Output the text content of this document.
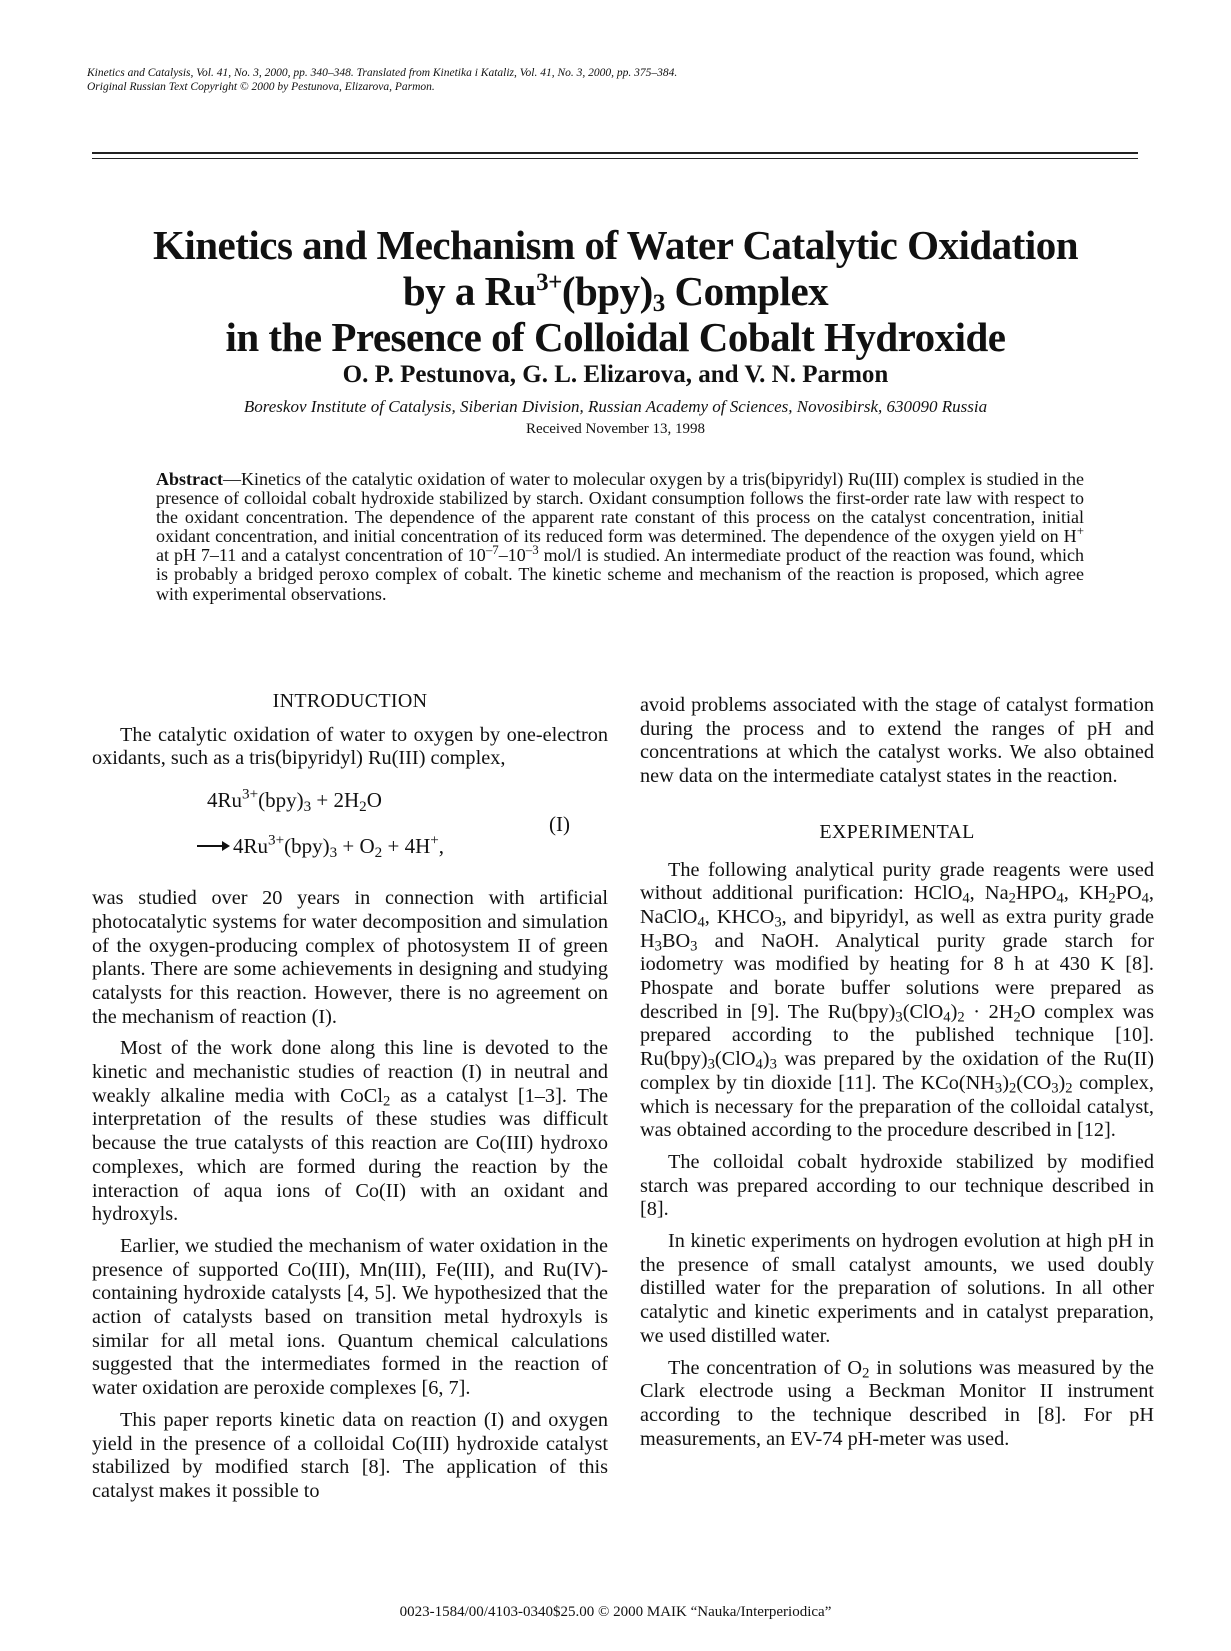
Kinetics and Catalysis, Vol. 41, No. 3, 2000, pp. 340–348. Translated from Kinetika i Kataliz, Vol. 41, No. 3, 2000, pp. 375–384.
Original Russian Text Copyright © 2000 by Pestunova, Elizarova, Parmon.
Kinetics and Mechanism of Water Catalytic Oxidation
by a $Ru^{3+}(bpy)_3$ Complex
in the Presence of Colloidal Cobalt Hydroxide
O. P. Pestunova, G. L. Elizarova, and V. N. Parmon
Boreskov Institute of Catalysis, Siberian Division, Russian Academy of Sciences, Novosibirsk, 630090 Russia
Received November 13, 1998
Abstract—Kinetics of the catalytic oxidation of water to molecular oxygen by a tris(bipyridyl) Ru(III) complex is studied in the presence of colloidal cobalt hydroxide stabilized by starch. Oxidant consumption follows the first-order rate law with respect to the oxidant concentration. The dependence of the apparent rate constant of this process on the catalyst concentration, initial oxidant concentration, and initial concentration of its reduced form was determined. The dependence of the oxygen yield on H+ at pH 7–11 and a catalyst concentration of $10^{-7}-10^{-3}$ mol/l is studied. An intermediate product of the reaction was found, which is probably a bridged peroxo complex of cobalt. The kinetic scheme and mechanism of the reaction is proposed, which agree with experimental observations.
INTRODUCTION

The catalytic oxidation of water to oxygen by one-electron oxidants, such as a tris(bipyridyl) Ru(III) complex,

$4Ru^{3+}(bpy)_3 + 2H_2O$
→ $4Ru^{3+}(bpy)_3 + O_2 + 4H^+$,
(I)

was studied over 20 years in connection with artificial photocatalytic systems for water decomposition and simulation of the oxygen-producing complex of photosystem II of green plants. There are some achievements in designing and studying catalysts for this reaction. However, there is no agreement on the mechanism of reaction (I).

Most of the work done along this line is devoted to the kinetic and mechanistic studies of reaction (I) in neutral and weakly alkaline media with CoCl$_2$ as a catalyst [1–3]. The interpretation of the results of these studies was difficult because the true catalysts of this reaction are Co(III) hydroxo complexes, which are formed during the reaction by the interaction of aqua ions of Co(II) with an oxidant and hydroxyls.

Earlier, we studied the mechanism of water oxidation in the presence of supported Co(III), Mn(III), Fe(III), and Ru(IV)-containing hydroxide catalysts [4, 5]. We hypothesized that the action of catalysts based on transition metal hydroxyls is similar for all metal ions. Quantum chemical calculations suggested that the intermediates formed in the reaction of water oxidation are peroxide complexes [6, 7].

This paper reports kinetic data on reaction (I) and oxygen yield in the presence of a colloidal Co(III) hydroxide catalyst stabilized by modified starch [8]. The application of this catalyst makes it possible to

avoid problems associated with the stage of catalyst formation during the process and to extend the ranges of pH and concentrations at which the catalyst works. We also obtained new data on the intermediate catalyst states in the reaction.

EXPERIMENTAL

The following analytical purity grade reagents were used without additional purification: HClO$_4$, $Na_2HPO_4$, $KH_2PO_4$, NaClO$_4$, $KHCO_3$, and bipyridyl, as well as extra purity grade $H_3BO_3$ and NaOH. Analytical purity grade starch for iodometry was modified by heating for 8 h at 430 K [8]. Phospate and borate buffer solutions were prepared as described in [9]. The $Ru(bpy)_3(ClO_4)_2 \cdot 2H_2O$ complex was prepared according to the published technique [10]. $Ru(bpy)_3(ClO_4)_3$ was prepared by the oxidation of the Ru(II) complex by tin dioxide [11]. The $KCo(NH_3)_2(CO_3)_2$ complex, which is necessary for the preparation of the colloidal catalyst, was obtained according to the procedure described in [12].

The colloidal cobalt hydroxide stabilized by modified starch was prepared according to our technique described in [8].

In kinetic experiments on hydrogen evolution at high pH in the presence of small catalyst amounts, we used doubly distilled water for the preparation of solutions. In all other catalytic and kinetic experiments and in catalyst preparation, we used distilled water.

The concentration of $O_2$ in solutions was measured by the Clark electrode using a Beckman Monitor II instrument according to the technique described in [8]. For pH measurements, an EV-74 pH-meter was used.

0023-1584/00/4103-0340$25.00 © 2000 MAIK “Nauka/Interperiodica”
